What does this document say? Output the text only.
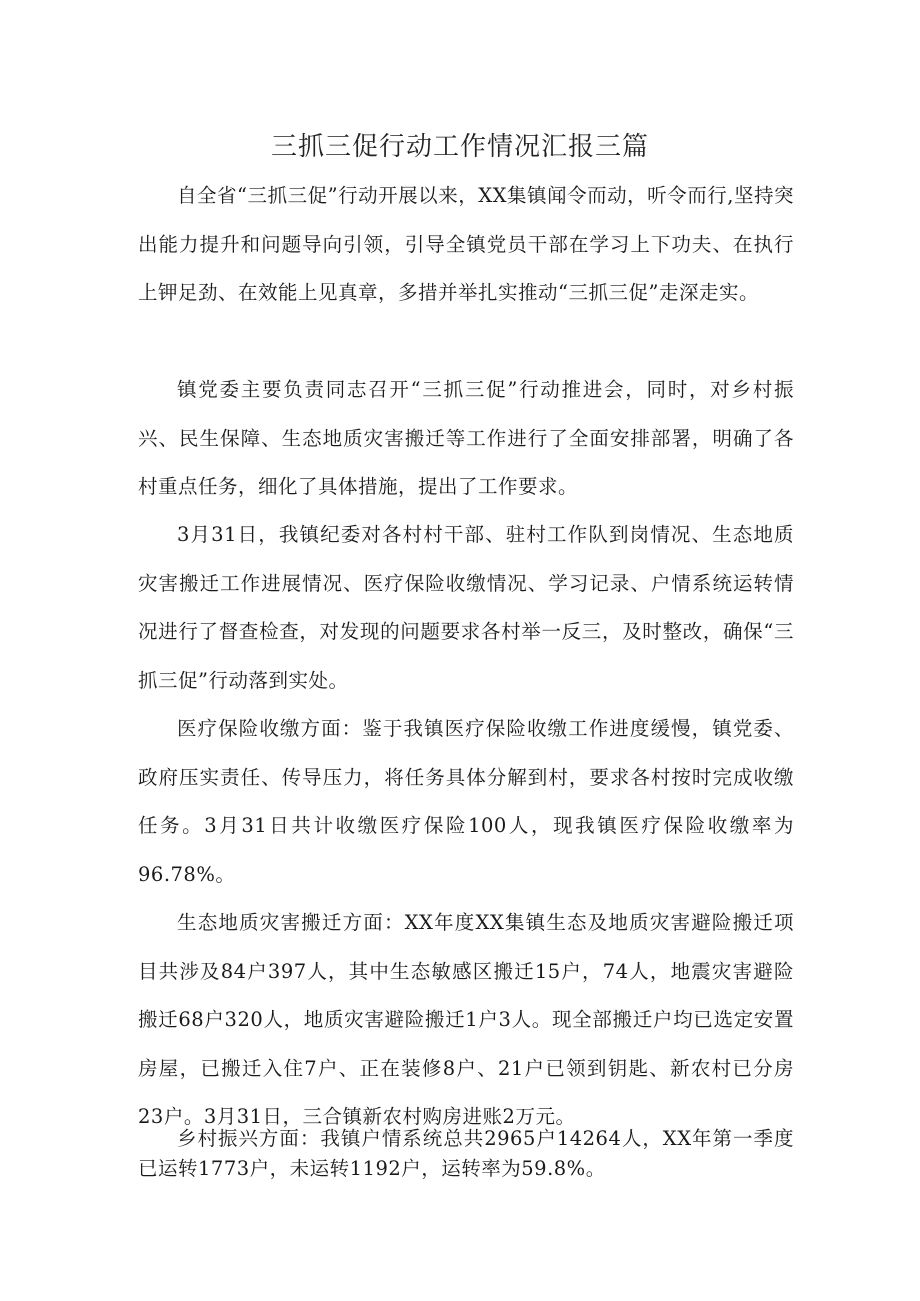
三抓三促行动工作情况汇报三篇

自全省“三抓三促”行动开展以来，XX集镇闻令而动，听令而行,坚持突出能力提升和问题导向引领，引导全镇党员干部在学习上下功夫、在执行上钾足劲、在效能上见真章，多措并举扎实推动“三抓三促”走深走实。

镇党委主要负责同志召开“三抓三促”行动推进会，同时，对乡村振兴、民生保障、生态地质灾害搬迁等工作进行了全面安排部署，明确了各村重点任务，细化了具体措施，提出了工作要求。

3月31日，我镇纪委对各村村干部、驻村工作队到岗情况、生态地质灾害搬迁工作进展情况、医疗保险收缴情况、学习记录、户情系统运转情况进行了督查检查，对发现的问题要求各村举一反三，及时整改，确保“三抓三促”行动落到实处。

医疗保险收缴方面：鉴于我镇医疗保险收缴工作进度缓慢，镇党委、政府压实责任、传导压力，将任务具体分解到村，要求各村按时完成收缴任务。3月31日共计收缴医疗保险100人，现我镇医疗保险收缴率为96.78%。

生态地质灾害搬迁方面：XX年度XX集镇生态及地质灾害避险搬迁项目共涉及84户397人，其中生态敏感区搬迁15户，74人，地震灾害避险搬迁68户320人，地质灾害避险搬迁1户3人。现全部搬迁户均已选定安置房屋，已搬迁入住7户、正在装修8户、21户已领到钥匙、新农村已分房23户。3月31日，三合镇新农村购房进账2万元。

乡村振兴方面：我镇户情系统总共2965户14264人，XX年第一季度已运转1773户，未运转1192户，运转率为59.8%。
